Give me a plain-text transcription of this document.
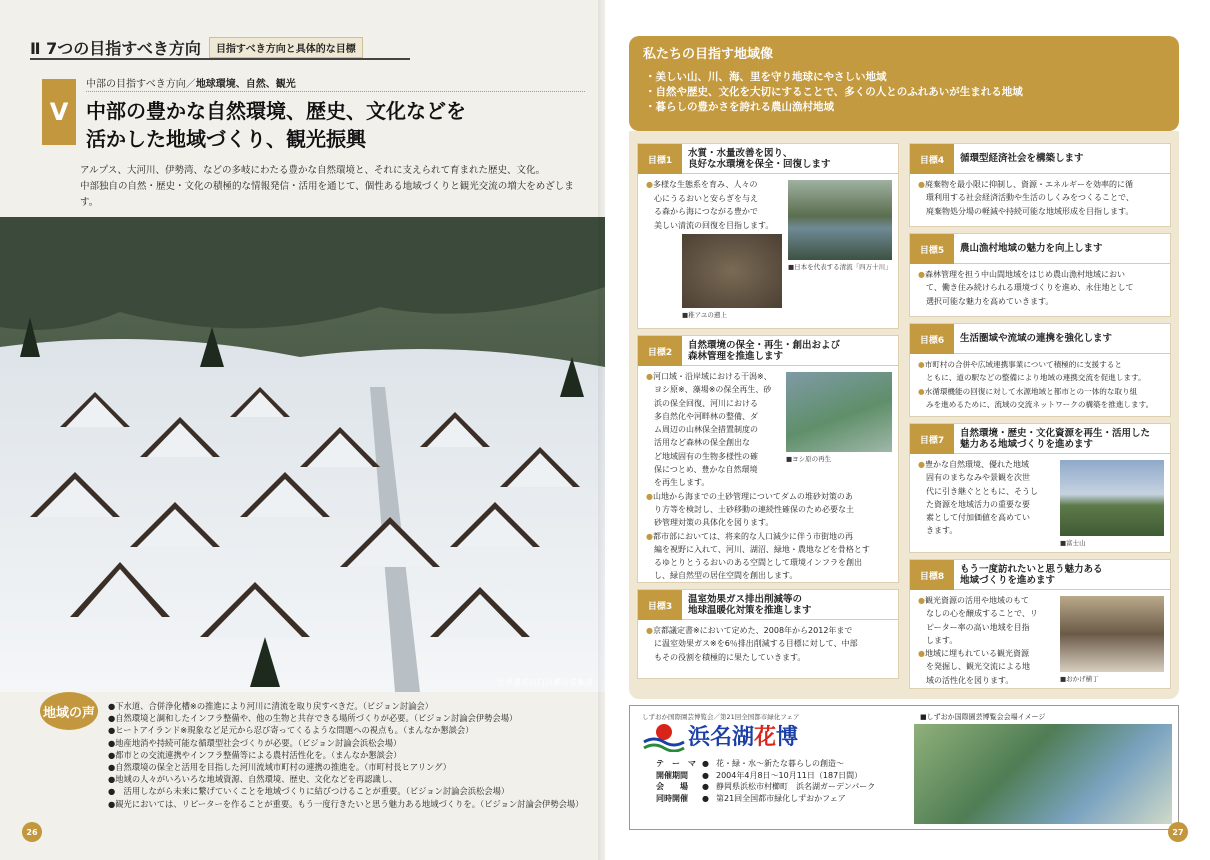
Ⅱ 7つの目指すべき方向	目指すべき方向と具体的な目標
V
中部の目指すべき方向／地球環境、自然、観光
中部の豊かな自然環境、歴史、文化などを
活かした地域づくり、観光振興
アルプス、大河川、伊勢湾、などの多岐にわたる豊かな自然環境と、それに支えられて育まれた歴史、文化。
中部独自の自然・歴史・文化の積極的な情報発信・活用を通じて、個性ある地域づくりと観光交流の増大をめざします。
世界遺産の白川郷合掌集落
地域の声	● 下水道、合併浄化槽※の推進により河川に清流を取り戻すべきだ。（ビジョン討論会）
● 自然環境と調和したインフラ整備や、他の生物と共存できる場所づくりが必要。（ビジョン討論会伊勢会場）
● ヒートアイランド※現象など足元から忍び寄ってくるような問題への視点も。（まんなか懇談会）
● 地産地消や持続可能な循環型社会づくりが必要。（ビジョン討論会浜松会場）
● 都市との交流連携やインフラ整備等による農村活性化を。（まんなか懇談会）
● 自然環境の保全と活用を目指した河川流域市町村の連携の推進を。（市町村長ヒアリング）
● 地域の人々がいろいろな地域資源、自然環境、歴史、文化などを再認識し、
● 　活用しながら未来に繋げていくことを地域づくりに結びつけることが重要。（ビジョン討論会浜松会場）
● 観光においては、リピーターを作ることが重要。もう一度行きたいと思う魅力ある地域づくりを。（ビジョン討論会伊勢会場）
26
私たちの目指す地域像
・ 美しい山、川、海、里を守り地球にやさしい地域
・ 自然や歴史、文化を大切にすることで、多くの人とのふれあいが生まれる地域
・ 暮らしの豊かさを誇れる農山漁村地域
目標1
水質・水量改善を図り、
良好な水環境を保全・回復します

● 多様な生態系を育み、人々の

心にうるおいと安らぎを与え
る森から海につながる豊かで
美しい清流の回復を目指します。
■ 日本を代表する清流「四万十川」
■ 稚アユの遡上
目標2
自然環境の保全・再生・創出および
森林管理を推進します

● 河口域・沿岸域における干潟※、

ヨシ原※、藻場※の保全再生、砂
浜の保全回復、河川における
多自然化や河畔林の整備、ダ
ム周辺の山林保全措置制度の
活用など森林の保全創出な
ど地域固有の生物多様性の確
保につとめ、豊かな自然環境
を再生します。

● 山地から海までの土砂管理についてダムの堆砂対策のあ

り方等を検討し、土砂移動の連続性確保のため必要な土
砂管理対策の具体化を図ります。

● 都市部においては、将来的な人口減少に伴う市街地の再

編を視野に入れて、河川、湖沼、緑地・農地などを骨格とす
るゆとりとうるおいのある空間として環境インフラを創出
し、緑自然型の居住空間を創出します。
■ ヨシ原の再生
目標3
温室効果ガス排出削減等の
地球温暖化対策を推進します

● 京都議定書※において定めた、2008年から2012年まで

に温室効果ガス※を6％排出削減する目標に対して、中部
もその役割を積極的に果たしていきます。
目標4	循環型経済社会を構築します

● 廃棄物を最小限に抑制し、資源・エネルギーを効率的に循

環利用する社会経済活動や生活のしくみをつくることで、
廃棄物処分場の軽減や持続可能な地域形成を目指します。
目標5	農山漁村地域の魅力を向上します

● 森林管理を担う中山間地域をはじめ農山漁村地域におい

て、働き住み続けられる環境づくりを進め、永住地として
選択可能な魅力を高めていきます。
目標6	生活圏域や流域の連携を強化します

● 市町村の合併や広域連携事業について積極的に支援すると

ともに、道の駅などの整備により地域の連携交流を促進します。

● 水循環機能の回復に対して水源地域と都市との一体的な取り組

みを進めるために、流域の交流ネットワークの構築を推進します。
目標7
自然環境・歴史・文化資源を再生・活用した
魅力ある地域づくりを進めます

● 豊かな自然環境、優れた地域

固有のまちなみや景観を次世
代に引き継ぐとともに、そうし
た資源を地域活力の重要な要
素として付加価値を高めてい
きます。
■ 富士山
目標8
もう一度訪れたいと思う魅力ある
地域づくりを進めます

● 観光資源の活用や地域のもて

なしの心を醸成することで、リ
ピーター率の高い地域を目指
します。

● 地域に埋もれている観光資源

を発掘し、観光交流による地
域の活性化を図ります。	■ おかげ横丁
しずおか国際園芸博覧会／第21回全国都市緑化フェア
浜名湖花博
テ　ー　マ ● 花・緑・水〜新たな暮らしの創造〜
開催期間	● 2004年4月8日〜10月11日（187日間）
会　　場	● 静岡県浜松市村櫛町　浜名湖ガーデンパーク
同時開催	● 第21回全国都市緑化しずおかフェア
■ しずおか国際園芸博覧会会場イメージ
27
